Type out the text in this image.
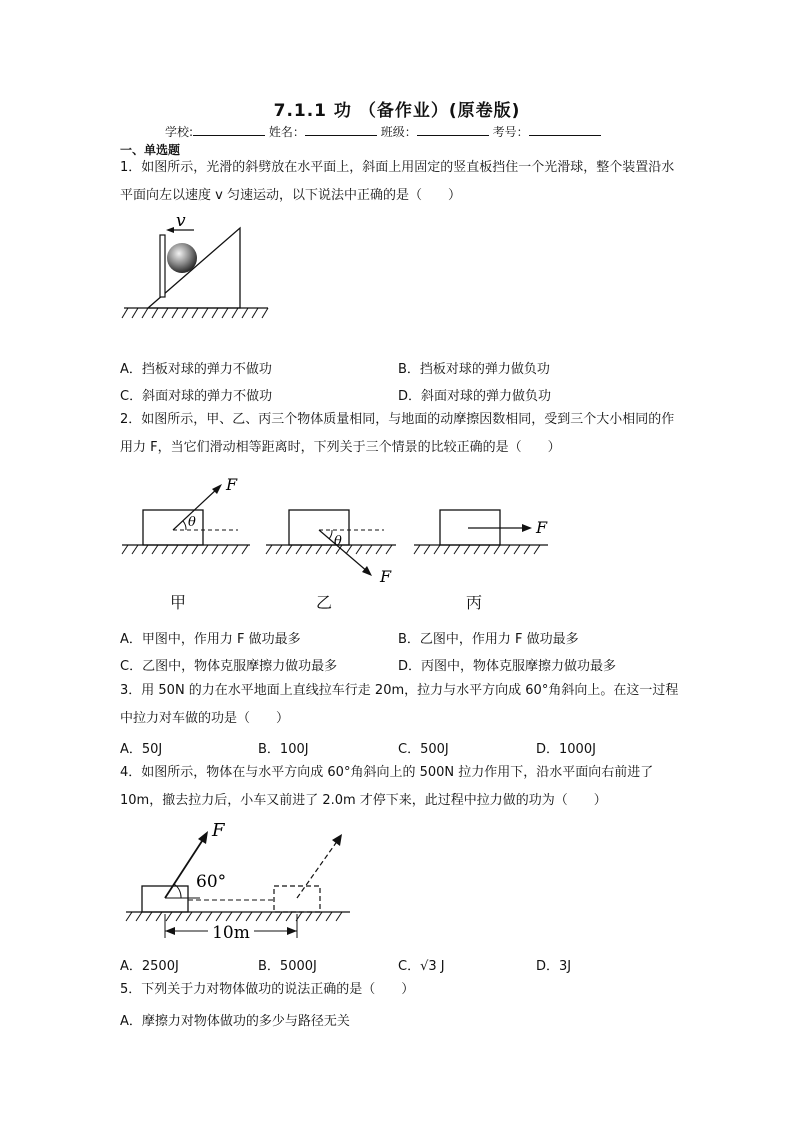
7.1.1 功 （备作业）(原卷版)
学校:	姓名：	班级：	考号：
一、单选题
1．如图所示，光滑的斜劈放在水平面上，斜面上用固定的竖直板挡住一个光滑球，整个装置沿水平面向左以速度 v 匀速运动，以下说法中正确的是（　　）
v
A．挡板对球的弹力不做功	B．挡板对球的弹力做负功
C．斜面对球的弹力不做功	D．斜面对球的弹力做负功
2．如图所示，甲、乙、丙三个物体质量相同，与地面的动摩擦因数相同，受到三个大小相同的作用力 F，当它们滑动相等距离时，下列关于三个情景的比较正确的是（　　）
θ
F
θ
F
F
甲	乙	丙
A．甲图中，作用力 F 做功最多	B．乙图中，作用力 F 做功最多
C．乙图中，物体克服摩擦力做功最多	D．丙图中，物体克服摩擦力做功最多
3．用 50N 的力在水平地面上直线拉车行走 20m，拉力与水平方向成 60°角斜向上。在这一过程中拉力对车做的功是（　　）
A．50J	B．100J	C．500J	D．1000J
4．如图所示，物体在与水平方向成 60°角斜向上的 500N 拉力作用下，沿水平面向右前进了 10m，撤去拉力后，小车又前进了 2.0m 才停下来，此过程中拉力做的功为（　　）
60°
F
10m
A．2500J	B．5000J	C．√3 J	D．3J
5．下列关于力对物体做功的说法正确的是（　　）
A．摩擦力对物体做功的多少与路径无关
